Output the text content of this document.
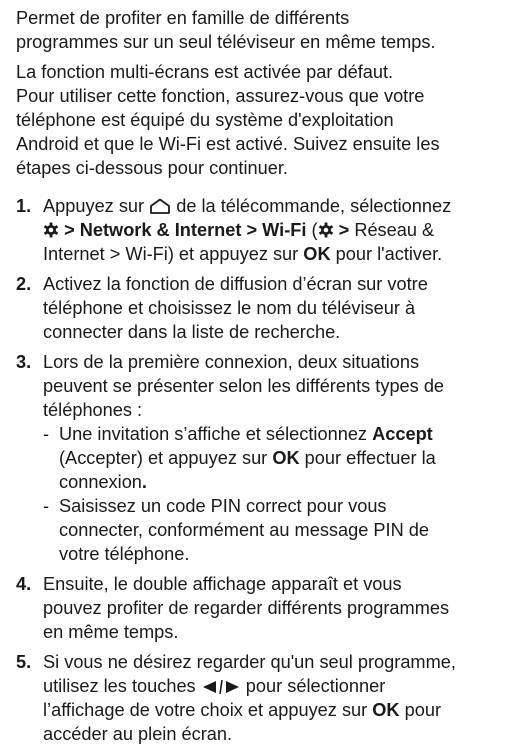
Permet de profiter en famille de différents
programmes sur un seul téléviseur en même temps.

La fonction multi-écrans est activée par défaut.
Pour utiliser cette fonction, assurez-vous que votre
téléphone est équipé du système d'exploitation
Android et que le Wi-Fi est activé. Suivez ensuite les
étapes ci-dessous pour continuer.

1. Appuyez sur de la télécommande, sélectionnez

> Network & Internet > Wi-Fi ( > Réseau &
Internet > Wi-Fi) et appuyez sur OK pour l'activer.
2. Activez la fonction de diffusion d’écran sur votre
téléphone et choisissez le nom du téléviseur à
connecter dans la liste de recherche.
3. Lors de la première connexion, deux situations
peuvent se présenter selon les différents types de
téléphones :
- Une invitation s’affiche et sélectionnez Accept
(Accepter) et appuyez sur OK pour effectuer la
connexion.
- Saisissez un code PIN correct pour vous
connecter, conformément au message PIN de
votre téléphone.
4. Ensuite, le double affichage apparaît et vous
pouvez profiter de regarder différents programmes
en même temps.
5. Si vous ne désirez regarder qu'un seul programme,
utilisez les touches	pour sélectionner
l’affichage de votre choix et appuyez sur OK pour
accéder au plein écran.
